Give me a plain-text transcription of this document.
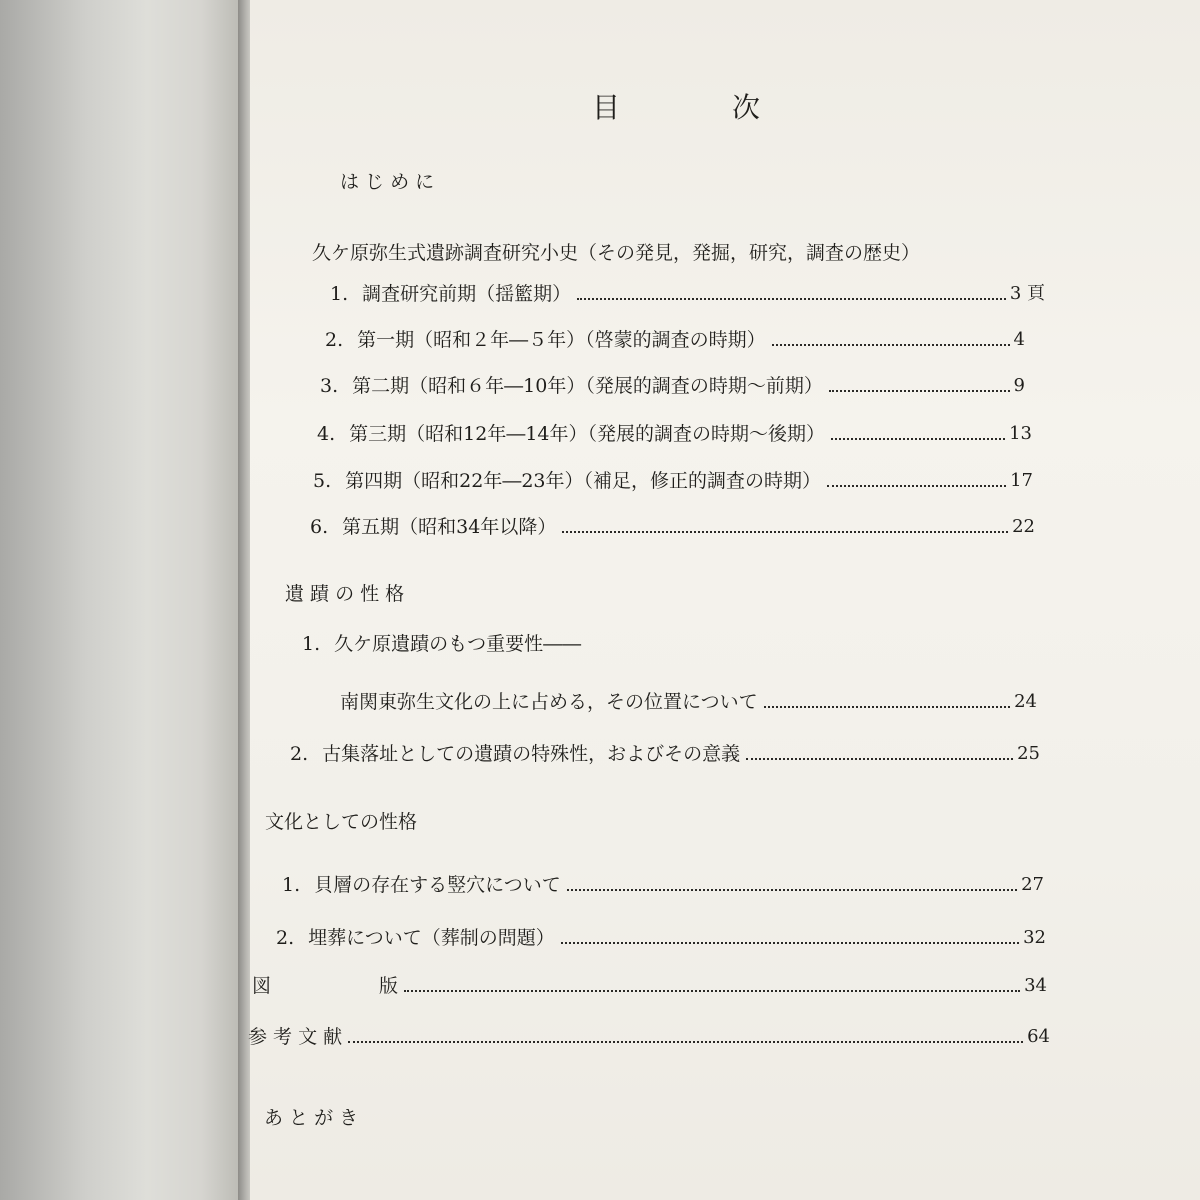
目	次
は じ め に
久ケ原弥生式遺跡調査研究小史（その発見，発掘，研究，調査の歴史）
1. 調査研究前期（揺籃期）	3 頁
2. 第一期（昭和２年―５年）（啓蒙的調査の時期）	4
3. 第二期（昭和６年―10年）（発展的調査の時期～前期）	9
4. 第三期（昭和12年―14年）（発展的調査の時期～後期）	13
5. 第四期（昭和22年―23年）（補足，修正的調査の時期）	17
6. 第五期（昭和34年以降）	22
遺 蹟 の 性 格
1. 久ケ原遺蹟のもつ重要性――
南関東弥生文化の上に占める，その位置について	24
2. 古集落址としての遺蹟の特殊性，およびその意義	25
文化としての性格
1. 貝層の存在する竪穴について	27
2. 埋葬について（葬制の問題）	32
図	版	34
参 考 文 献	64
あ と が き
